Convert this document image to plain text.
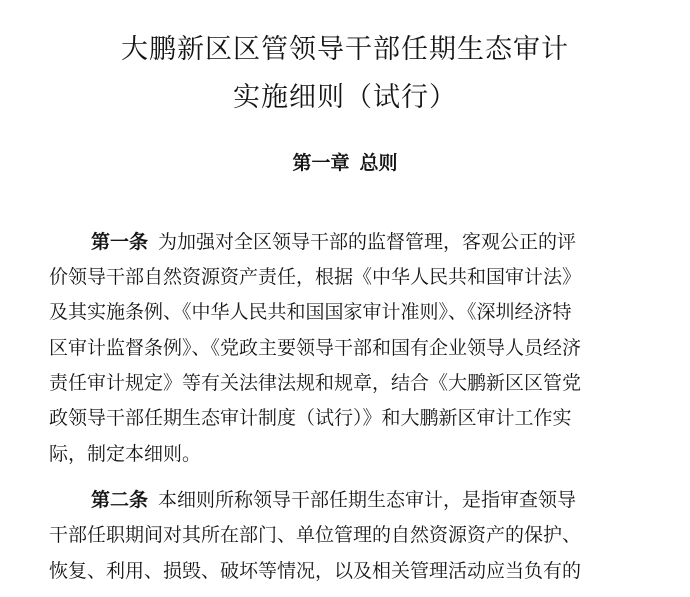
大鹏新区区管领导干部任期生态审计
实施细则（试行）
第一章 总则
第一条 为加强对全区领导干部的监督管理，客观公正的评
价领导干部自然资源资产责任，根据《中华人民共和国审计法》
及其实施条例、《中华人民共和国国家审计准则》、《深圳经济特
区审计监督条例》、《党政主要领导干部和国有企业领导人员经济
责任审计规定》等有关法律法规和规章，结合《大鹏新区区管党
政领导干部任期生态审计制度（试行）》和大鹏新区审计工作实
际，制定本细则。
第二条 本细则所称领导干部任期生态审计，是指审查领导
干部任职期间对其所在部门、单位管理的自然资源资产的保护、
恢复、利用、损毁、破坏等情况，以及相关管理活动应当负有的
